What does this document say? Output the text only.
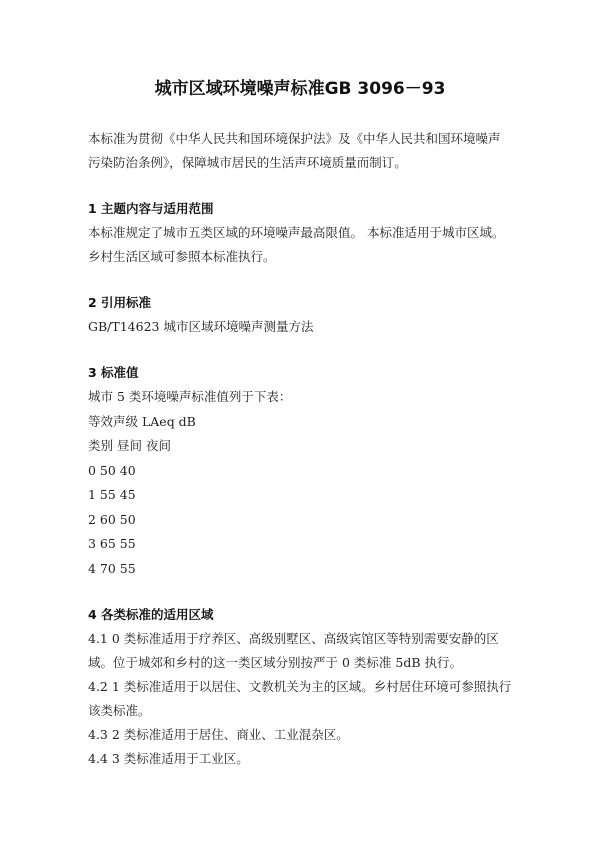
城市区域环境噪声标准GB 3096－93

本标准为贯彻《中华人民共和国环境保护法》及《中华人民共和国环境噪声污染防治条例》，保障城市居民的生活声环境质量而制订。

1 主题内容与适用范围

本标准规定了城市五类区域的环境噪声最高限值。 本标准适用于城市区域。乡村生活区域可参照本标准执行。

2 引用标准

GB/T14623 城市区域环境噪声测量方法

3 标准值

城市 5 类环境噪声标准值列于下表：

等效声级 LAeq dB

类别 昼间 夜间

0 50 40

1 55 45

2 60 50

3 65 55

4 70 55

4 各类标准的适用区域

4.1 0 类标准适用于疗养区、高级别墅区、高级宾馆区等特别需要安静的区域。位于城郊和乡村的这一类区域分别按严于 0 类标准 5dB 执行。

4.2 1 类标准适用于以居住、文教机关为主的区域。乡村居住环境可参照执行该类标准。

4.3 2 类标准适用于居住、商业、工业混杂区。

4.4 3 类标准适用于工业区。
